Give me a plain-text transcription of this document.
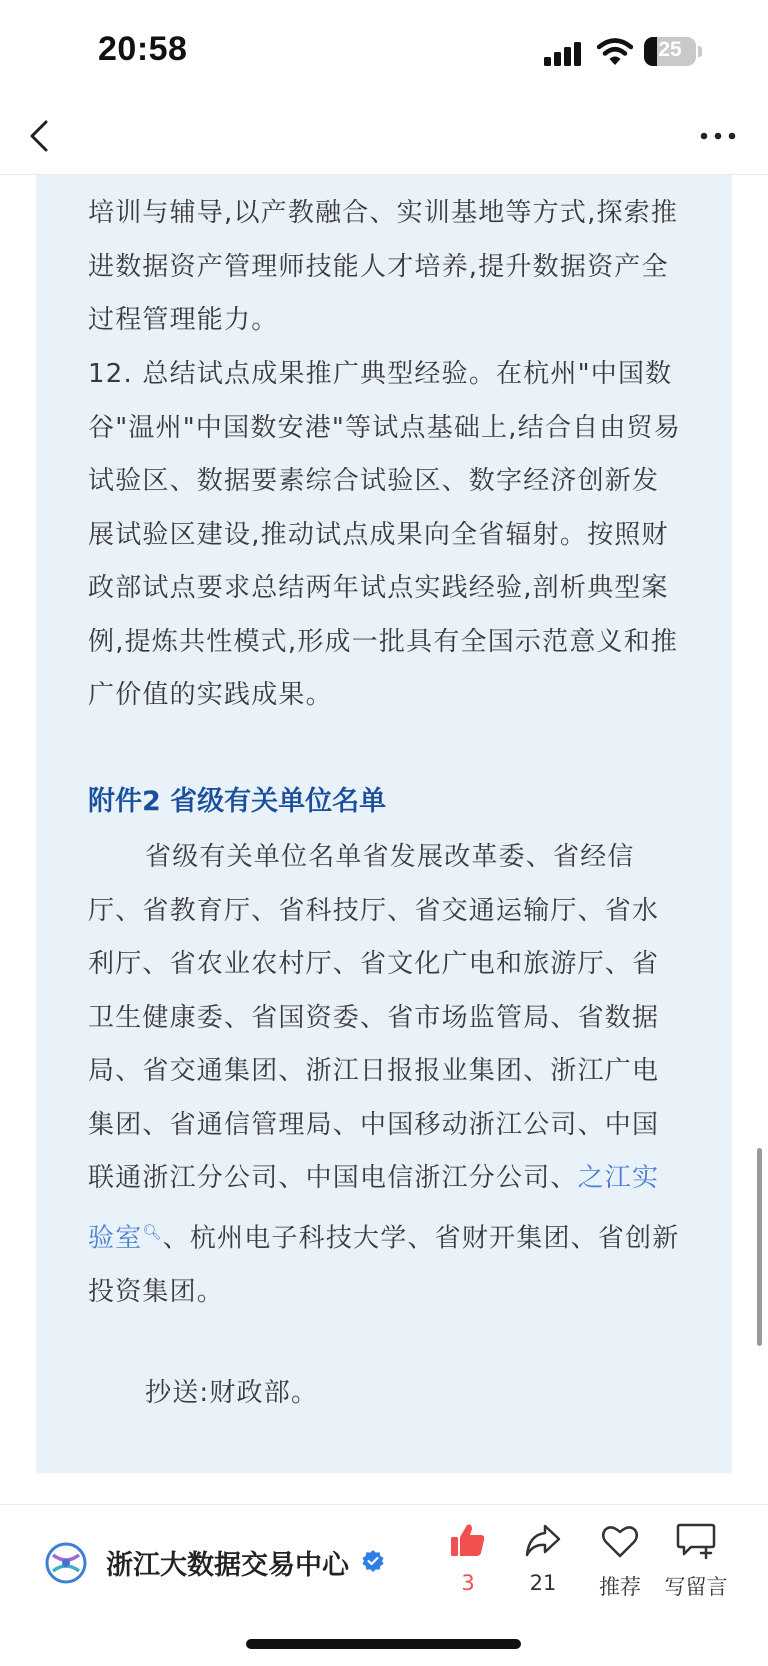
20:58	25

培训与辅导,以产教融合、实训基地等方式,探索推进数据资产管理师技能人才培养,提升数据资产全过程管理能力。

12. 总结试点成果推广典型经验。在杭州"中国数谷"温州"中国数安港"等试点基础上,结合自由贸易试验区、数据要素综合试验区、数字经济创新发展试验区建设,推动试点成果向全省辐射。按照财政部试点要求总结两年试点实践经验,剖析典型案例,提炼共性模式,形成一批具有全国示范意义和推广价值的实践成果。

附件2 省级有关单位名单

省级有关单位名单省发展改革委、省经信厅、省教育厅、省科技厅、省交通运输厅、省水利厅、省农业农村厅、省文化广电和旅游厅、省卫生健康委、省国资委、省市场监管局、省数据局、省交通集团、浙江日报报业集团、浙江广电集团、省通信管理局、中国移动浙江公司、中国联通浙江分公司、中国电信浙江分公司、之江实验室🔍︎、杭州电子科技大学、省财开集团、省创新投资集团。

抄送:财政部。

浙江大数据交易中心
3	21	推荐	写留言
